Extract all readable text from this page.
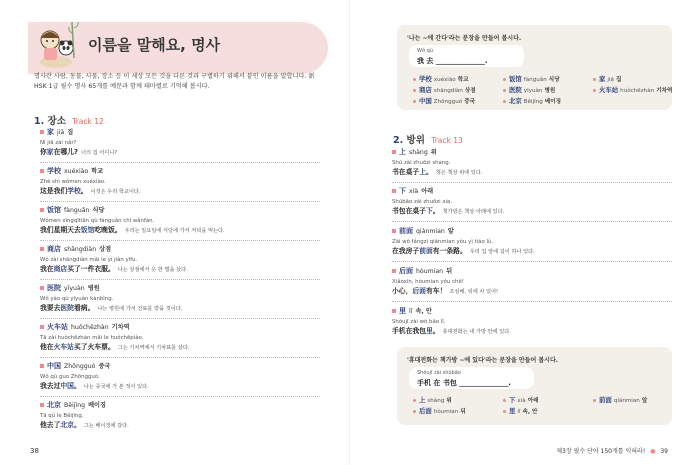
이름을 말해요, 명사
명사란 사람, 동물, 사물, 장소 등 이 세상 모든 것을 다른 것과 구별하기 위해서 붙인 이름을 말합니다. 新 HSK 1급 필수 명사 65개를 예문과 함께 테마별로 기억해 봅시다.
1. 장소 Track 12
家 jiā 집
Nǐ jiā zài nǎr?
你家在哪儿? 너의 집 어디니?
学校 xuéxiào 학교
Zhè shì wǒmen xuéxiào.
这是我们学校。 이것은 우리 학교이다.
饭馆 fànguǎn 식당
Wǒmen xīngqītiān qù fànguǎn chī wǎnfàn.
我们星期天去饭馆吃晚饭。 우리는 일요일에 식당에 가서 저녁을 먹는다.
商店 shāngdiàn 상점
Wǒ zài shāngdiàn mǎi le yí jiàn yīfu.
我在商店买了一件衣服。 나는 상점에서 옷 한 벌을 샀다.
医院 yīyuàn 병원
Wǒ yào qù yīyuàn kànbìng.
我要去医院看病。 나는 병원에 가서 진료를 받을 것이다.
火车站 huǒchēzhàn 기차역
Tā zài huǒchēzhàn mǎi le huǒchēpiào.
他在火车站买了火车票。 그는 기차역에서 기차표를 샀다.
中国 Zhōngguó 중국
Wǒ qù guo Zhōngguó.
我去过中国。 나는 중국에 가 본 적이 있다.
北京 Běijīng 베이징
Tā qù le Běijīng.
他去了北京。 그는 베이징에 갔다.
38
'나는 ~에 간다'라는 문장을 만들어 봅시다.
Wǒ qù
我 去 ______________.
学校 xuéxiào 학교	饭馆 fànguǎn 식당	家 jiā 집
商店 shāngdiàn 상점	医院 yīyuàn 병원	火车站 huǒchēzhàn 기차역
中国 Zhōngguó 중국	北京 Běijīng 베이징
2. 방위 Track 13
上 shàng 위
Shū zài zhuōzi shang.
书在桌子上。 책은 책상 위에 있다.
下 xià 아래
Shūbāo zài zhuōzi xia.
书包在桌子下。 책가방은 책상 아래에 있다.
前面 qiánmian 앞
Zài wǒ fángzi qiánmian yǒu yì tiáo lù.
在我房子前面有一条路。 우리 집 앞에 길이 하나 있다.
后面 hòumian 뒤
Xiǎoxīn, hòumian yǒu chē!
小心，后面有车！ 조심해, 뒤에 차 있어!
里 lǐ 속, 안
Shǒujī zài wǒ bāo lǐ.
手机在我包里。 휴대전화는 내 가방 안에 있다.
'휴대전화는 책가방 ~에 있다'라는 문장을 만들어 봅시다.
Shǒujī zài shūbāo
手机 在 书包 ______________.
上 shàng 위	下 xià 아래	前面 qiánmian 앞
后面 hòumian 뒤	里 lǐ 속, 안
제3장 필수 단어 150개를 익혀라! ● 39
